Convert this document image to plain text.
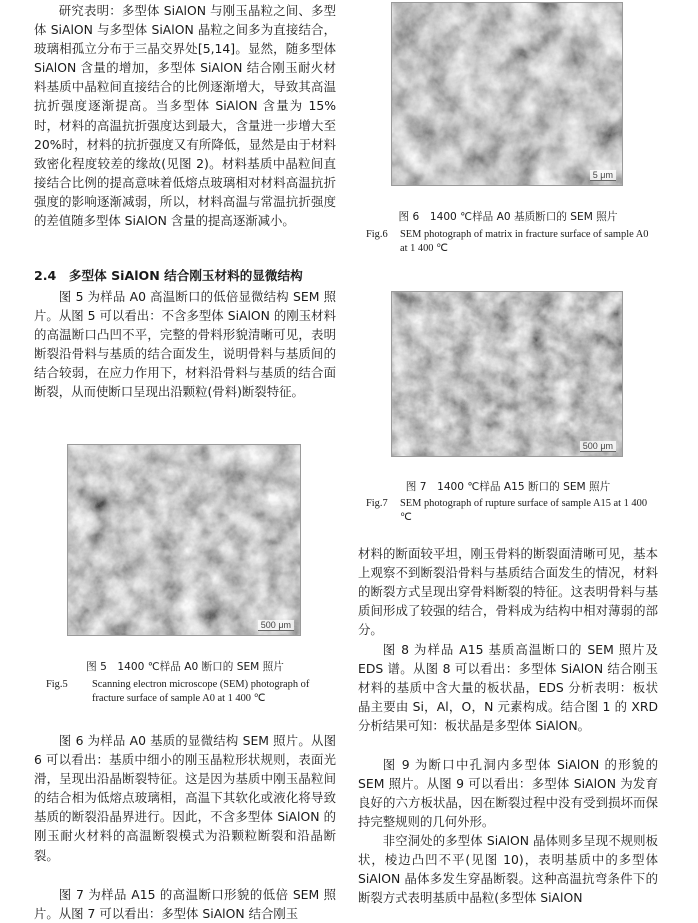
研究表明：多型体 SiAlON 与刚玉晶粒之间、多型体 SiAlON 与多型体 SiAlON 晶粒之间多为直接结合，玻璃相孤立分布于三晶交界处[5,14]。显然，随多型体 SiAlON 含量的增加，多型体 SiAlON 结合刚玉耐火材料基质中晶粒间直接结合的比例逐渐增大，导致其高温抗折强度逐渐提高。当多型体 SiAlON 含量为 15%时，材料的高温抗折强度达到最大，含量进一步增大至 20%时，材料的抗折强度又有所降低，显然是由于材料致密化程度较差的缘故(见图 2)。材料基质中晶粒间直接结合比例的提高意味着低熔点玻璃相对材料高温抗折强度的影响逐渐减弱，所以，材料高温与常温抗折强度的差值随多型体 SiAlON 含量的提高逐渐减小。

2.4　多型体 SiAlON 结合刚玉材料的显微结构

图 5 为样品 A0 高温断口的低倍显微结构 SEM 照片。从图 5 可以看出：不含多型体 SiAlON 的刚玉材料的高温断口凸凹不平，完整的骨料形貌清晰可见，表明断裂沿骨料与基质的结合面发生，说明骨料与基质间的结合较弱，在应力作用下，材料沿骨料与基质的结合面断裂，从而使断口呈现出沿颗粒(骨料)断裂特征。

500 μm
图 5　1400 ℃样品 A0 断口的 SEM 照片
Fig.5	Scanning electron microscope (SEM) photograph of fracture surface of sample A0 at 1 400 ℃

图 6 为样品 A0 基质的显微结构 SEM 照片。从图 6 可以看出：基质中细小的刚玉晶粒形状规则，表面光滑，呈现出沿晶断裂特征。这是因为基质中刚玉晶粒间的结合相为低熔点玻璃相，高温下其软化或液化将导致基质的断裂沿晶界进行。因此，不含多型体 SiAlON 的刚玉耐火材料的高温断裂模式为沿颗粒断裂和沿晶断裂。

图 7 为样品 A15 的高温断口形貌的低倍 SEM 照片。从图 7 可以看出：多型体 SiAlON 结合刚玉

5 μm
图 6　1400 ℃样品 A0 基质断口的 SEM 照片
Fig.6	SEM photograph of matrix in fracture surface of sample A0 at 1 400 ℃
500 μm
图 7　1400 ℃样品 A15 断口的 SEM 照片
Fig.7	SEM photograph of rupture surface of sample A15 at 1 400 ℃

材料的断面较平坦，刚玉骨料的断裂面清晰可见，基本上观察不到断裂沿骨料与基质结合面发生的情况，材料的断裂方式呈现出穿骨料断裂的特征。这表明骨料与基质间形成了较强的结合，骨料成为结构中相对薄弱的部分。

图 8 为样品 A15 基质高温断口的 SEM 照片及 EDS 谱。从图 8 可以看出：多型体 SiAlON 结合刚玉材料的基质中含大量的板状晶，EDS 分析表明：板状晶主要由 Si，Al，O，N 元素构成。结合图 1 的 XRD 分析结果可知：板状晶是多型体 SiAlON。

图 9 为断口中孔洞内多型体 SiAlON 的形貌的 SEM 照片。从图 9 可以看出：多型体 SiAlON 为发育良好的六方板状晶，因在断裂过程中没有受到损坏而保持完整规则的几何外形。

非空洞处的多型体 SiAlON 晶体则多呈现不规则板状，棱边凸凹不平(见图 10)，表明基质中的多型体 SiAlON 晶体多发生穿晶断裂。这种高温抗弯条件下的断裂方式表明基质中晶粒(多型体 SiAlON
